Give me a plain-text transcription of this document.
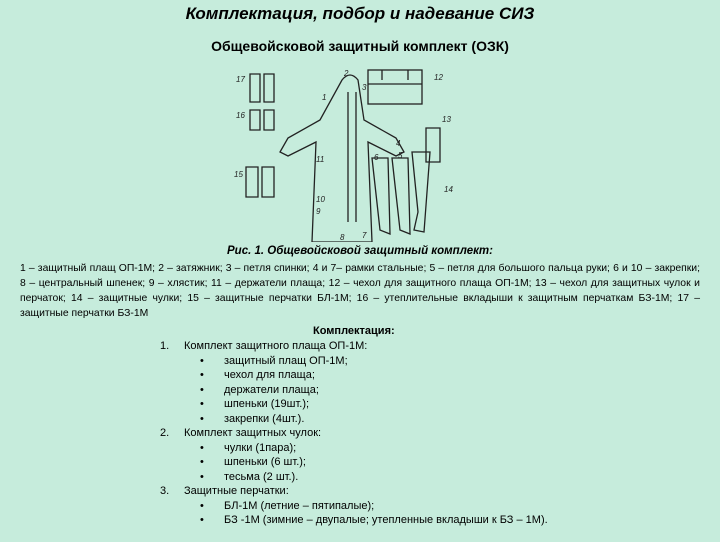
Комплектация, подбор и надевание СИЗ
Общевойсковой защитный комплект (ОЗК)
17
16
15
2
3
1
11
10
9
8 7
6 5
4
12
13
14
Рис. 1. Общевойсковой защитный комплект:
1 – защитный плащ ОП-1М; 2 – затяжник; 3 – петля спинки; 4 и 7– рамки стальные; 5 – петля для большого пальца руки; 6 и 10 – закрепки; 8 – центральный шпенек; 9 – хлястик; 11 – держатели плаща; 12 – чехол для защитного плаща ОП-1М; 13 – чехол для защитных чулок и перчаток; 14 – защитные чулки; 15 – защитные перчатки БЛ-1М; 16 – утеплительные вкладыши к защитным перчаткам БЗ-1М; 17 – защитные перчатки БЗ-1М
Комплектация:
1. Комплект защитного плаща ОП-1М:
• защитный плащ ОП-1М;
• чехол для плаща;
• держатели плаща;
• шпеньки (19шт.);
• закрепки (4шт.).
2. Комплект защитных чулок:
• чулки (1пара);
• шпеньки (6 шт.);
• тесьма (2 шт.).
3. Защитные перчатки:
• БЛ-1М (летние – пятипалые);
• БЗ -1М (зимние – двупалые; утепленные вкладыши к БЗ – 1М).
